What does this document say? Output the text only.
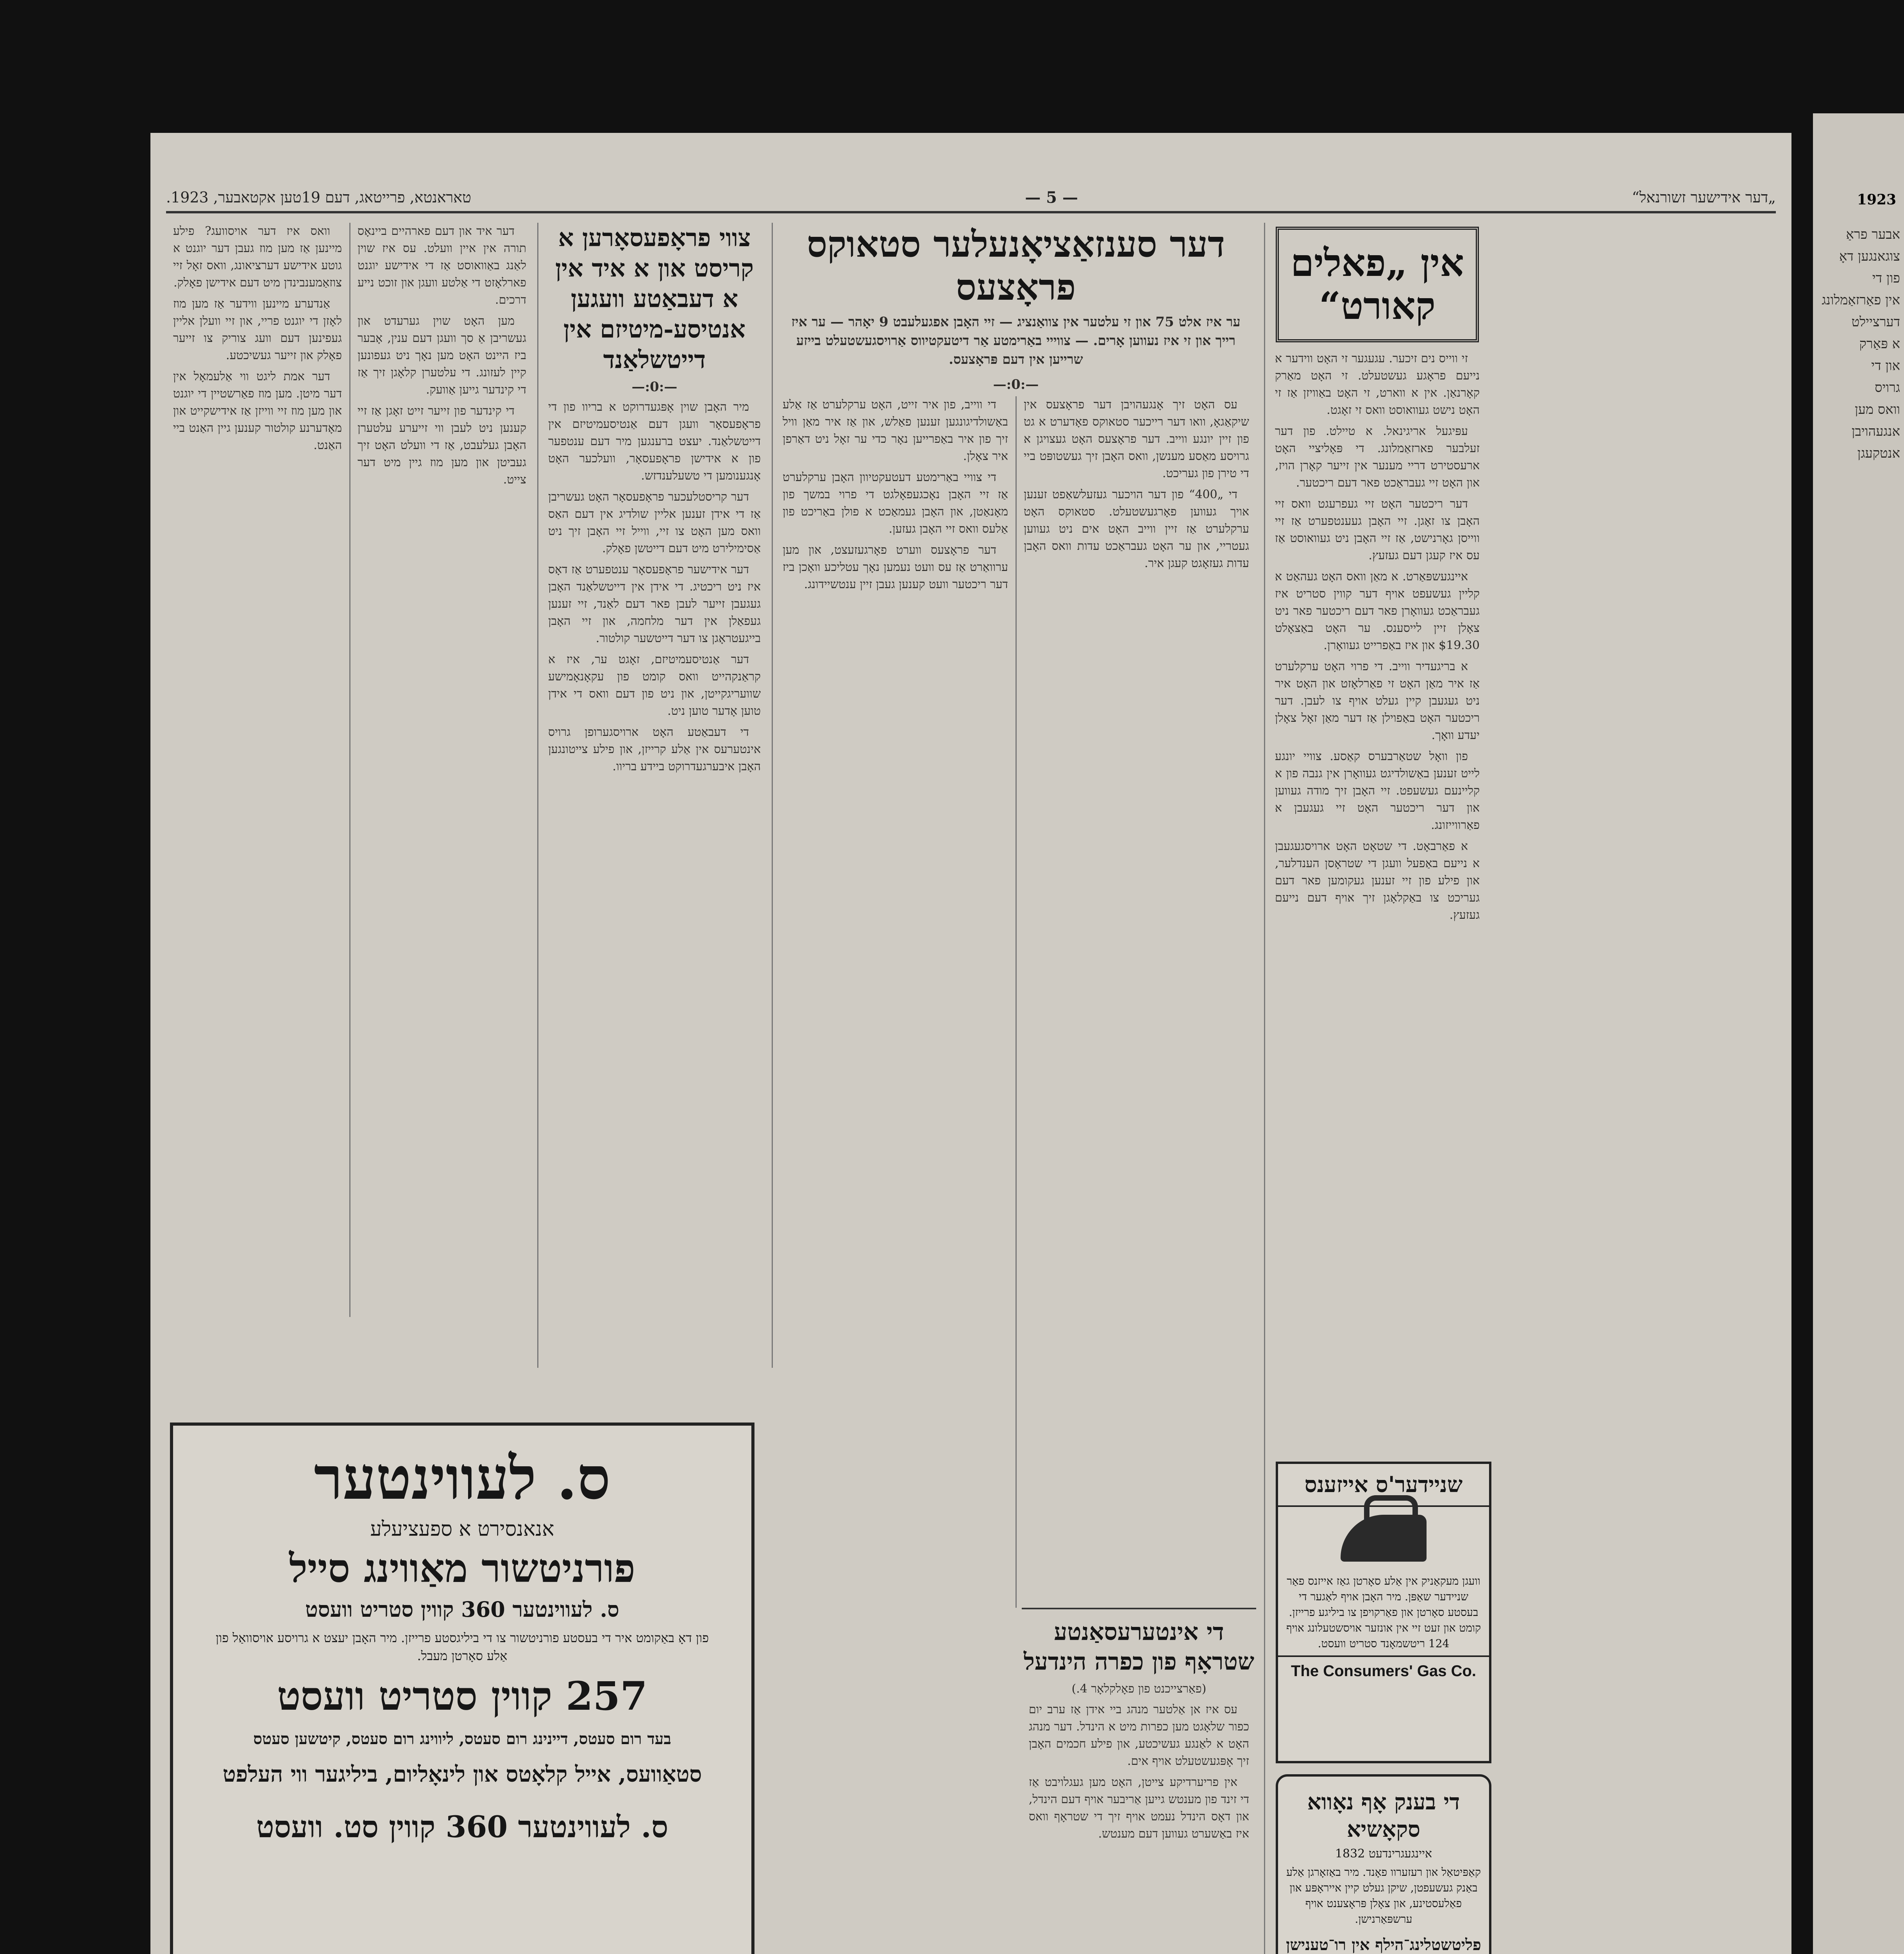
„דער אידישער זשורנאל“
— 5 —
טאראנטא, פרייטאג, דעם 19טען אקטאבער, 1923.
אין „פאלים קאורט“

זי ווייס נים זיכער. עגעגער זי האָט ווידער א נייעם פראָגע געשטעלט. זי האָט מאַרק קאָרנאַן. אין א ווארט, זי האָט באַוויזן אַז זי האָט נישט געוואוסט וואס זי זאָגט.

עפּיגעל אריגינאל. א טיילט. פון דער זעלבער פארזאַמלונג. די פּאָליציי האָט ארעסטירט דריי מענער אין זייער קאָרן הויז, און האָט זיי געבראַכט פאר דעם ריכטער.

דער ריכטער האָט זיי געפרעגט וואס זיי האָבן צו זאָגן. זיי האָבן געענטפערט אַז זיי ווייסן גאָרנישט, אַז זיי האָבן ניט געוואוסט אַז עס איז קעגן דעם געזעץ.

איינגעשפּאַרט. א מאַן וואס האָט געהאַט א קליין געשעפט אויף דער קווין סטריט איז געבראַכט געוואָרן פאר דעם ריכטער פאר ניט צאָלן זיין לייסענס. ער האָט באַצאָלט $19.30 און איז באַפרייט געוואָרן.

א בריגעדיר ווייב. די פרוי האָט ערקלערט אַז איר מאַן האָט זי פאַרלאָזט און האָט איר ניט געגעבן קיין געלט אויף צו לעבן. דער ריכטער האָט באַפוילן אַז דער מאַן זאָל צאָלן יעדע וואָך.

פון וואָל שטאַרבערס קאַסע. צוויי יונגע לייט זענען באַשולדיגט געוואָרן אין גנבה פון א קליינעם געשעפט. זיי האָבן זיך מודה געווען און דער ריכטער האָט זיי געגעבן א פאַרווייזונג.

א פאַרבאָט. די שטאָט האָט ארויסגעגעבן א נייעם באַפעל וועגן די שטראָסן הענדלער, און פילע פון זיי זענען געקומען פאר דעם געריכט צו באַקלאָגן זיך אויף דעם נייעם געזעץ.

שניידער'ס אייזענס
וועגן מעקאַניק אין אַלע סאָרטן גאַז אייזנס פאַר שניידער שאַפּן. מיר האָבן אויף לאַגער די בעסטע סאָרטן און פאַרקויפן צו ביליגע פרייזן. קומט און זעט זיי אין אונזער אויסשטעלונג אויף 124 ריטשמאָנד סטריט וועסט.
The Consumers' Gas Co.
די בענק אָף נאָווא סקאָשיא
איינגעגרינדעט 1832
קאַפּיטאַל און רעזערוו פאָנד. מיר באַזאָרגן אַלע באַנק געשעפטן, שיקן געלט קיין אייראָפּע און פאַלעסטינע, און צאָלן פּראָצענט אויף ערשפּאַרנישן.
פליטשטלינג־הילף אין רו־טענישן
דער סענזאַציאָנעלער סטאוקס פראָצעס
ער איז אלט 75 און זי עלטער אין צוואַנציג — זיי האָבן אפגעלעבט 9 יאָהר — ער איז רייך און זי איז נעווען אָרים. — צווייי באַרימטע אַר דיטעקטיווס אַרויסגעשטעלט בייזע שרייען אין דעם פּראָצעס.
—:0:—

עס האָט זיך אָנגעהויבן דער פראָצעס אין שיקאַגאָ, וואו דער רייכער סטאוקס פאָדערט א גט פון זיין יונגע ווייב. דער פראָצעס האָט געצויגן א גרויסע מאַסע מענשן, וואס האָבן זיך געשטופּט ביי די טירן פון געריכט.

די „400“ פון דער הויכער געזעלשאַפט זענען אויך געווען פאָרגעשטעלט. סטאוקס האָט ערקלערט אַז זיין ווייב האָט אים ניט געווען געטריי, און ער האָט געבראַכט עדות וואס האָבן עדות געזאָגט קעגן איר.

די ווייב, פון איר זייט, האָט ערקלערט אַז אַלע באַשולדיגונגען זענען פאַלש, און אַז איר מאַן וויל זיך פון איר באַפרייען נאָר כדי ער זאָל ניט דאַרפן איר צאָלן.

די צוויי באַרימטע דעטעקטיוון האָבן ערקלערט אַז זיי האָבן נאָכגעפאָלגט די פרוי במשך פון מאָנאַטן, און האָבן געמאַכט א פולן באַריכט פון אַלעס וואס זיי האָבן געזען.

דער פראָצעס ווערט פאָרגעזעצט, און מען ערוואַרט אַז עס וועט נעמען נאָך עטליכע וואָכן ביז דער ריכטער וועט קענען געבן זיין ענטשיידונג.

די אינטערעסאַנטע שטראָף פון כפרה הינדעל
(פאַרצייכנט פון פאָלקלאָר 4.)

עס איז אן אַלטער מנהג ביי אידן אַז ערב יום כפור שלאָגט מען כפרות מיט א הינדל. דער מנהג האָט א לאַנגע געשיכטע, און פילע חכמים האָבן זיך אָפּגעשטעלט אויף אים.

אין פריערדיקע צייטן, האָט מען געגלויבט אַז די זינד פון מענטש גייען אַריבער אויף דעם הינדל, און דאָס הינדל נעמט אויף זיך די שטראָף וואס איז באַשערט געווען דעם מענטש.

צווי פראָפעסאָרען א קריסט און א איד אין א דעבאַטע וועגען אנטיסע-מיטיזם אין דייטשלאַנד
—:0:—

מיר האָבן שוין אָפּגעדרוקט א בריוו פון די פראָפעסאָר וועגן דעם אַנטיסעמיטיזם אין דייטשלאַנד. יעצט ברענגען מיר דעם ענטפער פון א אידישן פראָפעסאָר, וועלכער האָט אָנגענומען די טשעלענדזש.

דער קריסטלעכער פראָפעסאָר האָט געשריבן אַז די אידן זענען אליין שולדיג אין דעם האַס וואס מען האָט צו זיי, ווייל זיי האָבן זיך ניט אַסימילירט מיט דעם דייטשן פאָלק.

דער אידישער פראָפעסאָר ענטפערט אַז דאָס איז ניט ריכטיג. די אידן אין דייטשלאַנד האָבן געגעבן זייער לעבן פאר דעם לאַנד, זיי זענען געפאַלן אין דער מלחמה, און זיי האָבן בייגעטראָגן צו דער דייטשער קולטור.

דער אַנטיסעמיטיזם, זאָגט ער, איז א קראַנקהייט וואס קומט פון עקאָנאָמישע שוועריגקייטן, און ניט פון דעם וואס די אידן טוען אָדער טוען ניט.

די דעבאַטע האָט ארויסגערופן גרויס אינטערעס אין אַלע קרייזן, און פילע צייטונגען האָבן איבערגעדרוקט ביידע בריוו.

דער איד און דעם פארהיים ביינאָס תורה אין איין וועלט. עס איז שוין לאַנג באַוואוסט אַז די אידישע יוגנט פארלאָזט די אַלטע וועגן און זוכט נייע דרכים.

מען האָט שוין גערעדט און געשריבן אַ סך וועגן דעם ענין, אָבער ביז היינט האָט מען נאָך ניט געפונען קיין לעזונג. די עלטערן קלאָגן זיך אַז די קינדער גייען אַוועק.

די קינדער פון זייער זייט זאָגן אַז זיי קענען ניט לעבן ווי זייערע עלטערן האָבן געלעבט, אַז די וועלט האָט זיך געביטן און מען מוז גיין מיט דער צייט.

וואס איז דער אויסוועג? פילע מיינען אַז מען מוז געבן דער יוגנט א גוטע אידישע דערציאונג, וואס זאָל זיי צוזאַמענבינדן מיט דעם אידישן פאָלק.

אַנדערע מיינען ווידער אַז מען מוז לאָזן די יוגנט פריי, און זיי וועלן אליין געפינען דעם וועג צוריק צו זייער פאָלק און זייער געשיכטע.

דער אמת ליגט ווי אַלעמאָל אין דער מיטן. מען מוז פאַרשטיין די יוגנט און מען מוז זיי ווייזן אַז אידישקייט און מאָדערנע קולטור קענען גיין האַנט ביי האַנט.

ס. לעווינטער
אנאנסירט א ספעציעלע
פורניטשור מאַווינג סייל
ס. לעווינטער 360 קווין סטריט וועסט
פון דאָ באַקומט איר די בעסטע פורניטשור צו די ביליגסטע פרייזן. מיר האָבן יעצט א גרויסע אויסוואַל פון אַלע סאָרטן מעבל.
257 קווין סטריט וועסט
בעד רום סעטס, דיינינג רום סעטס, ליווינג רום סעטס, קיטשען סעטס
סטאַוועס, אייל קלאָטס און לינאָליום, ביליגער ווי העלפט
ס. לעווינטער 360 קווין סט. וועסט
1923
אבער פראַ
צוגאנגען דאָ
פון די
אין פאַרזאַמלונג
דערציילט
א פּאַרק
און די
גרויס
וואס מען
אנגעהויבן
אנטקעגן
